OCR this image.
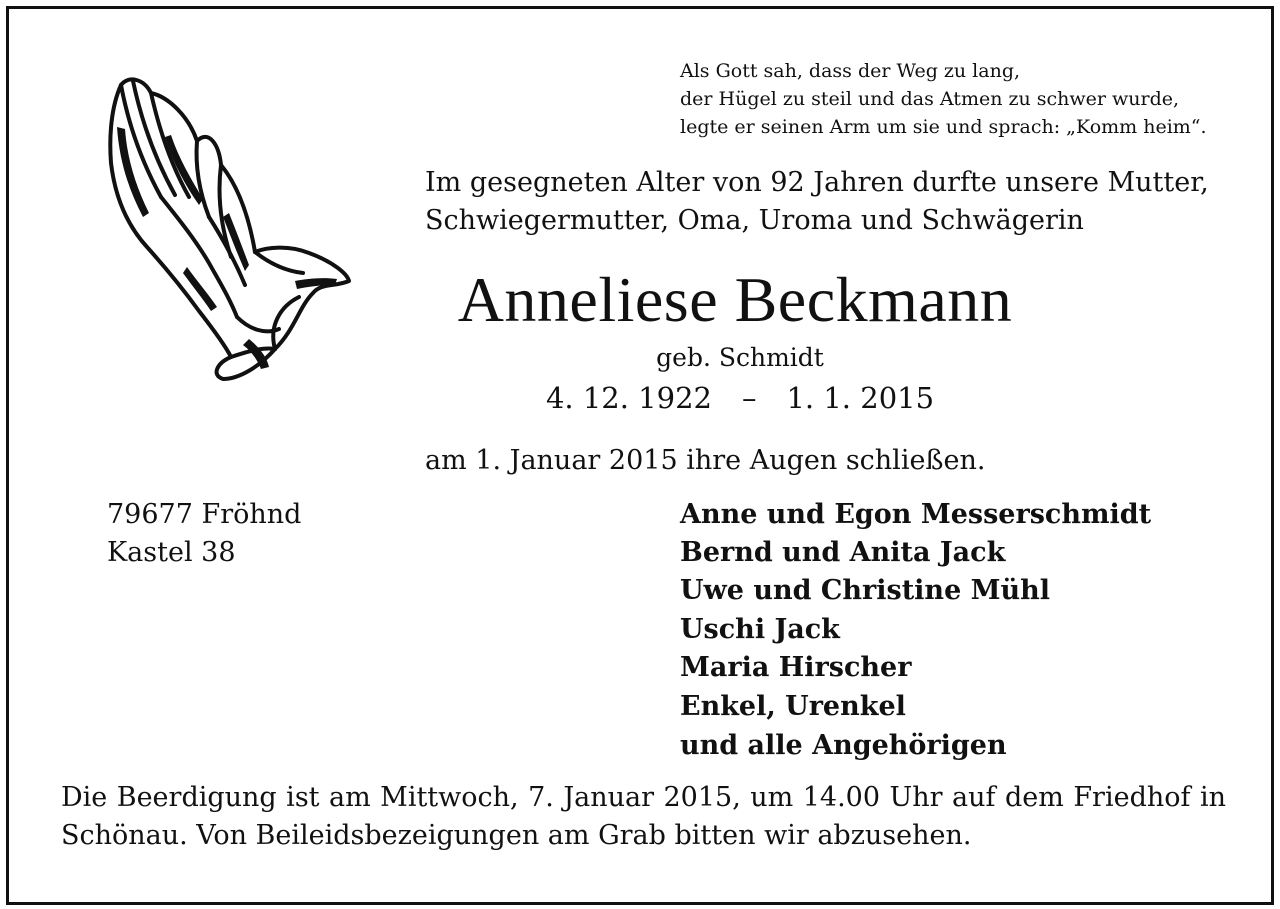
Als Gott sah, dass der Weg zu lang,
der Hügel zu steil und das Atmen zu schwer wurde,
legte er seinen Arm um sie und sprach: „Komm heim“.
Im gesegneten Alter von 92 Jahren durfte unsere Mutter,
Schwiegermutter, Oma, Uroma und Schwägerin
Anneliese Beckmann
geb. Schmidt
4. 12. 1922 – 1. 1. 2015
am 1. Januar 2015 ihre Augen schließen.
79677 Fröhnd
Kastel 38
Anne und Egon Messerschmidt
Bernd und Anita Jack
Uwe und Christine Mühl
Uschi Jack
Maria Hirscher
Enkel, Urenkel
und alle Angehörigen
Die Beerdigung ist am Mittwoch, 7. Januar 2015, um 14.00 Uhr auf dem Friedhof in Schönau. Von Beileidsbezeigungen am Grab bitten wir abzusehen.
